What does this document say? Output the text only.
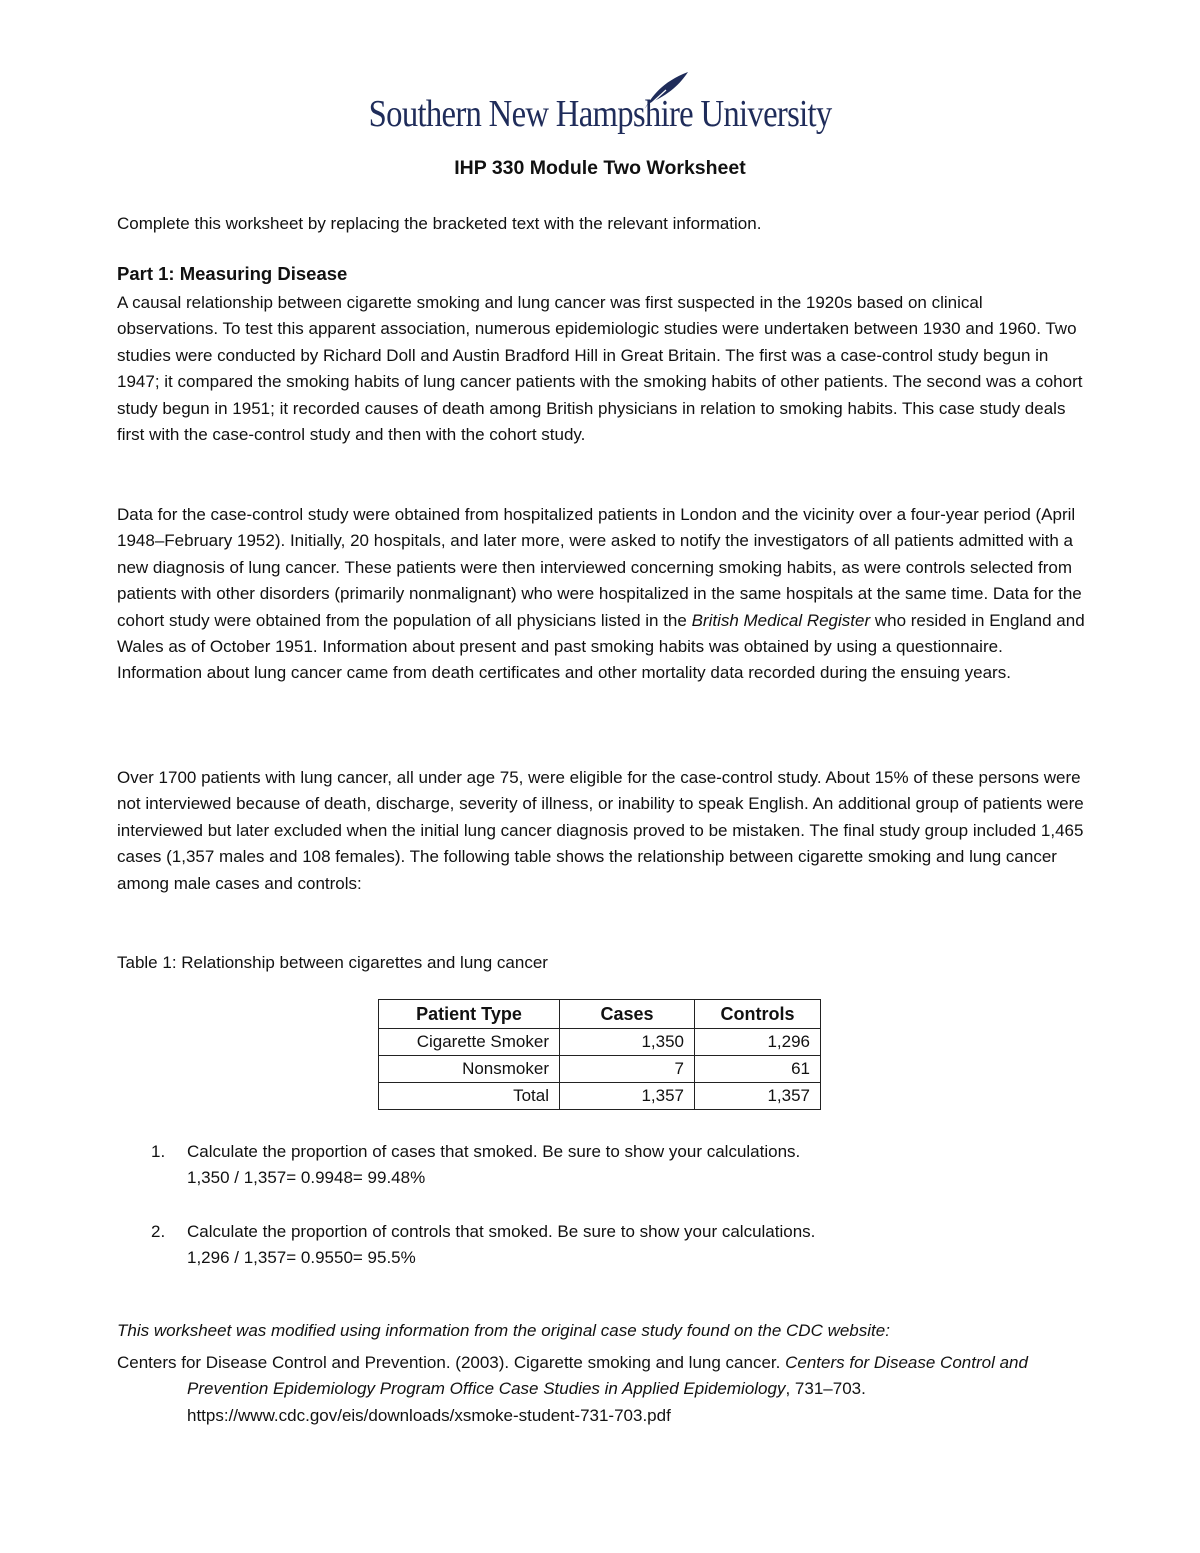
Southern New Hampshire University
IHP 330 Module Two Worksheet
Complete this worksheet by replacing the bracketed text with the relevant information.
Part 1: Measuring Disease
A causal relationship between cigarette smoking and lung cancer was first suspected in the 1920s based on clinical observations. To test this apparent association, numerous epidemiologic studies were undertaken between 1930 and 1960. Two studies were conducted by Richard Doll and Austin Bradford Hill in Great Britain. The first was a case-control study begun in 1947; it compared the smoking habits of lung cancer patients with the smoking habits of other patients. The second was a cohort study begun in 1951; it recorded causes of death among British physicians in relation to smoking habits. This case study deals first with the case-control study and then with the cohort study.
Data for the case-control study were obtained from hospitalized patients in London and the vicinity over a four-year period (April 1948–February 1952). Initially, 20 hospitals, and later more, were asked to notify the investigators of all patients admitted with a new diagnosis of lung cancer. These patients were then interviewed concerning smoking habits, as were controls selected from patients with other disorders (primarily nonmalignant) who were hospitalized in the same hospitals at the same time. Data for the cohort study were obtained from the population of all physicians listed in the British Medical Register who resided in England and Wales as of October 1951. Information about present and past smoking habits was obtained by using a questionnaire. Information about lung cancer came from death certificates and other mortality data recorded during the ensuing years.
Over 1700 patients with lung cancer, all under age 75, were eligible for the case-control study. About 15% of these persons were not interviewed because of death, discharge, severity of illness, or inability to speak English. An additional group of patients were interviewed but later excluded when the initial lung cancer diagnosis proved to be mistaken. The final study group included 1,465 cases (1,357 males and 108 females). The following table shows the relationship between cigarette smoking and lung cancer among male cases and controls:
Table 1: Relationship between cigarettes and lung cancer
Patient Type	Cases	Controls
Cigarette Smoker	1,350	1,296
Nonsmoker	7	61
Total	1,357	1,357
1. Calculate the proportion of cases that smoked. Be sure to show your calculations.
1,350 / 1,357= 0.9948= 99.48%
2. Calculate the proportion of controls that smoked. Be sure to show your calculations.
1,296 / 1,357= 0.9550= 95.5%
This worksheet was modified using information from the original case study found on the CDC website:
Centers for Disease Control and Prevention. (2003). Cigarette smoking and lung cancer. Centers for Disease Control and Prevention Epidemiology Program Office Case Studies in Applied Epidemiology, 731–703. https://www.cdc.gov/eis/downloads/xsmoke-student-731-703.pdf
